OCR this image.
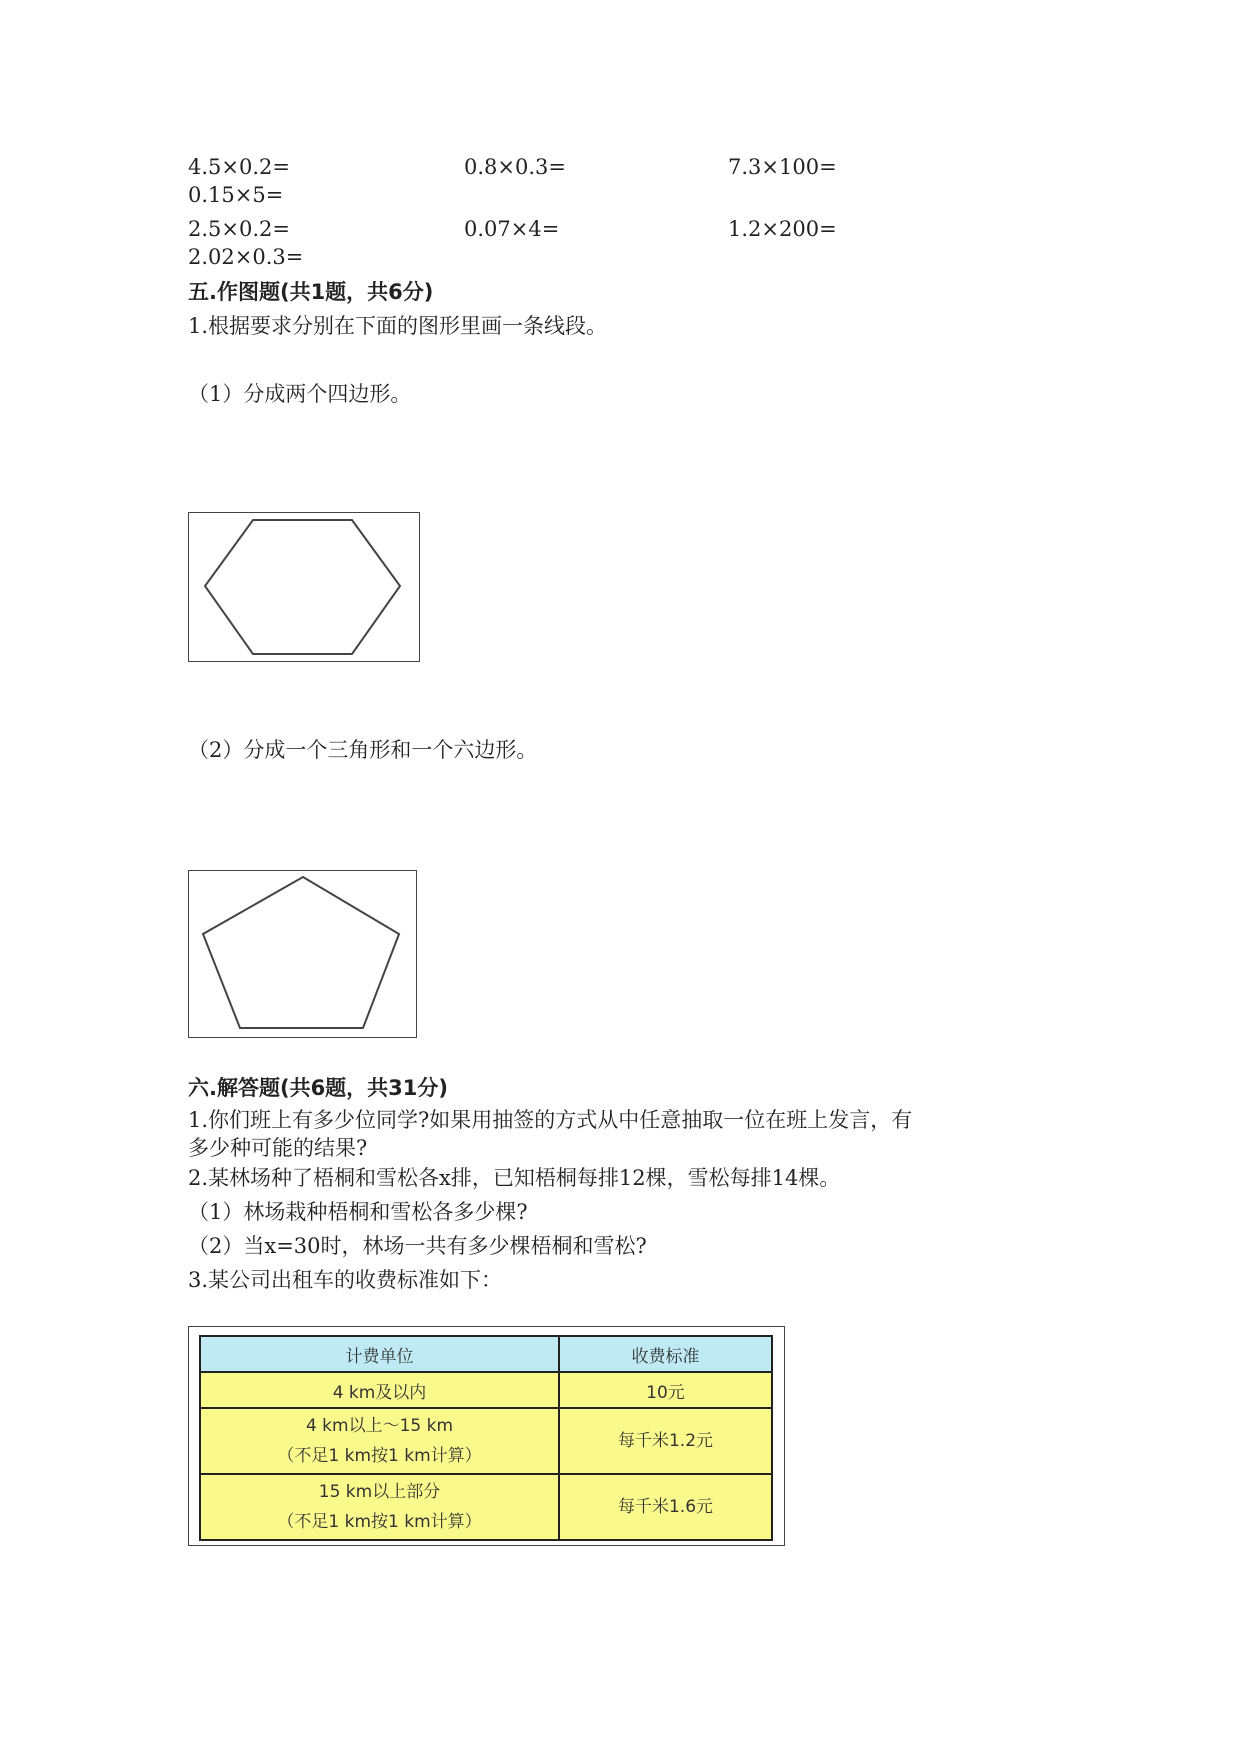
4.5×0.2=	0.8×0.3=	7.3×100=
0.15×5=
2.5×0.2=	0.07×4=	1.2×200=
2.02×0.3=
五.作图题(共1题，共6分)
1.根据要求分别在下面的图形里画一条线段。
（1）分成两个四边形。
（2）分成一个三角形和一个六边形。
六.解答题(共6题，共31分)
1.你们班上有多少位同学?如果用抽签的方式从中任意抽取一位在班上发言，有
多少种可能的结果?
2.某林场种了梧桐和雪松各x排，已知梧桐每排12棵，雪松每排14棵。
（1）林场栽种梧桐和雪松各多少棵?
（2）当x=30时，林场一共有多少棵梧桐和雪松?
3.某公司出租车的收费标准如下：
计费单位	收费标准
4 km及以内	10元

4 km以上～15 km
（不足1 km按1 km计算）	每千米1.2元

15 km以上部分
（不足1 km按1 km计算）	每千米1.6元
